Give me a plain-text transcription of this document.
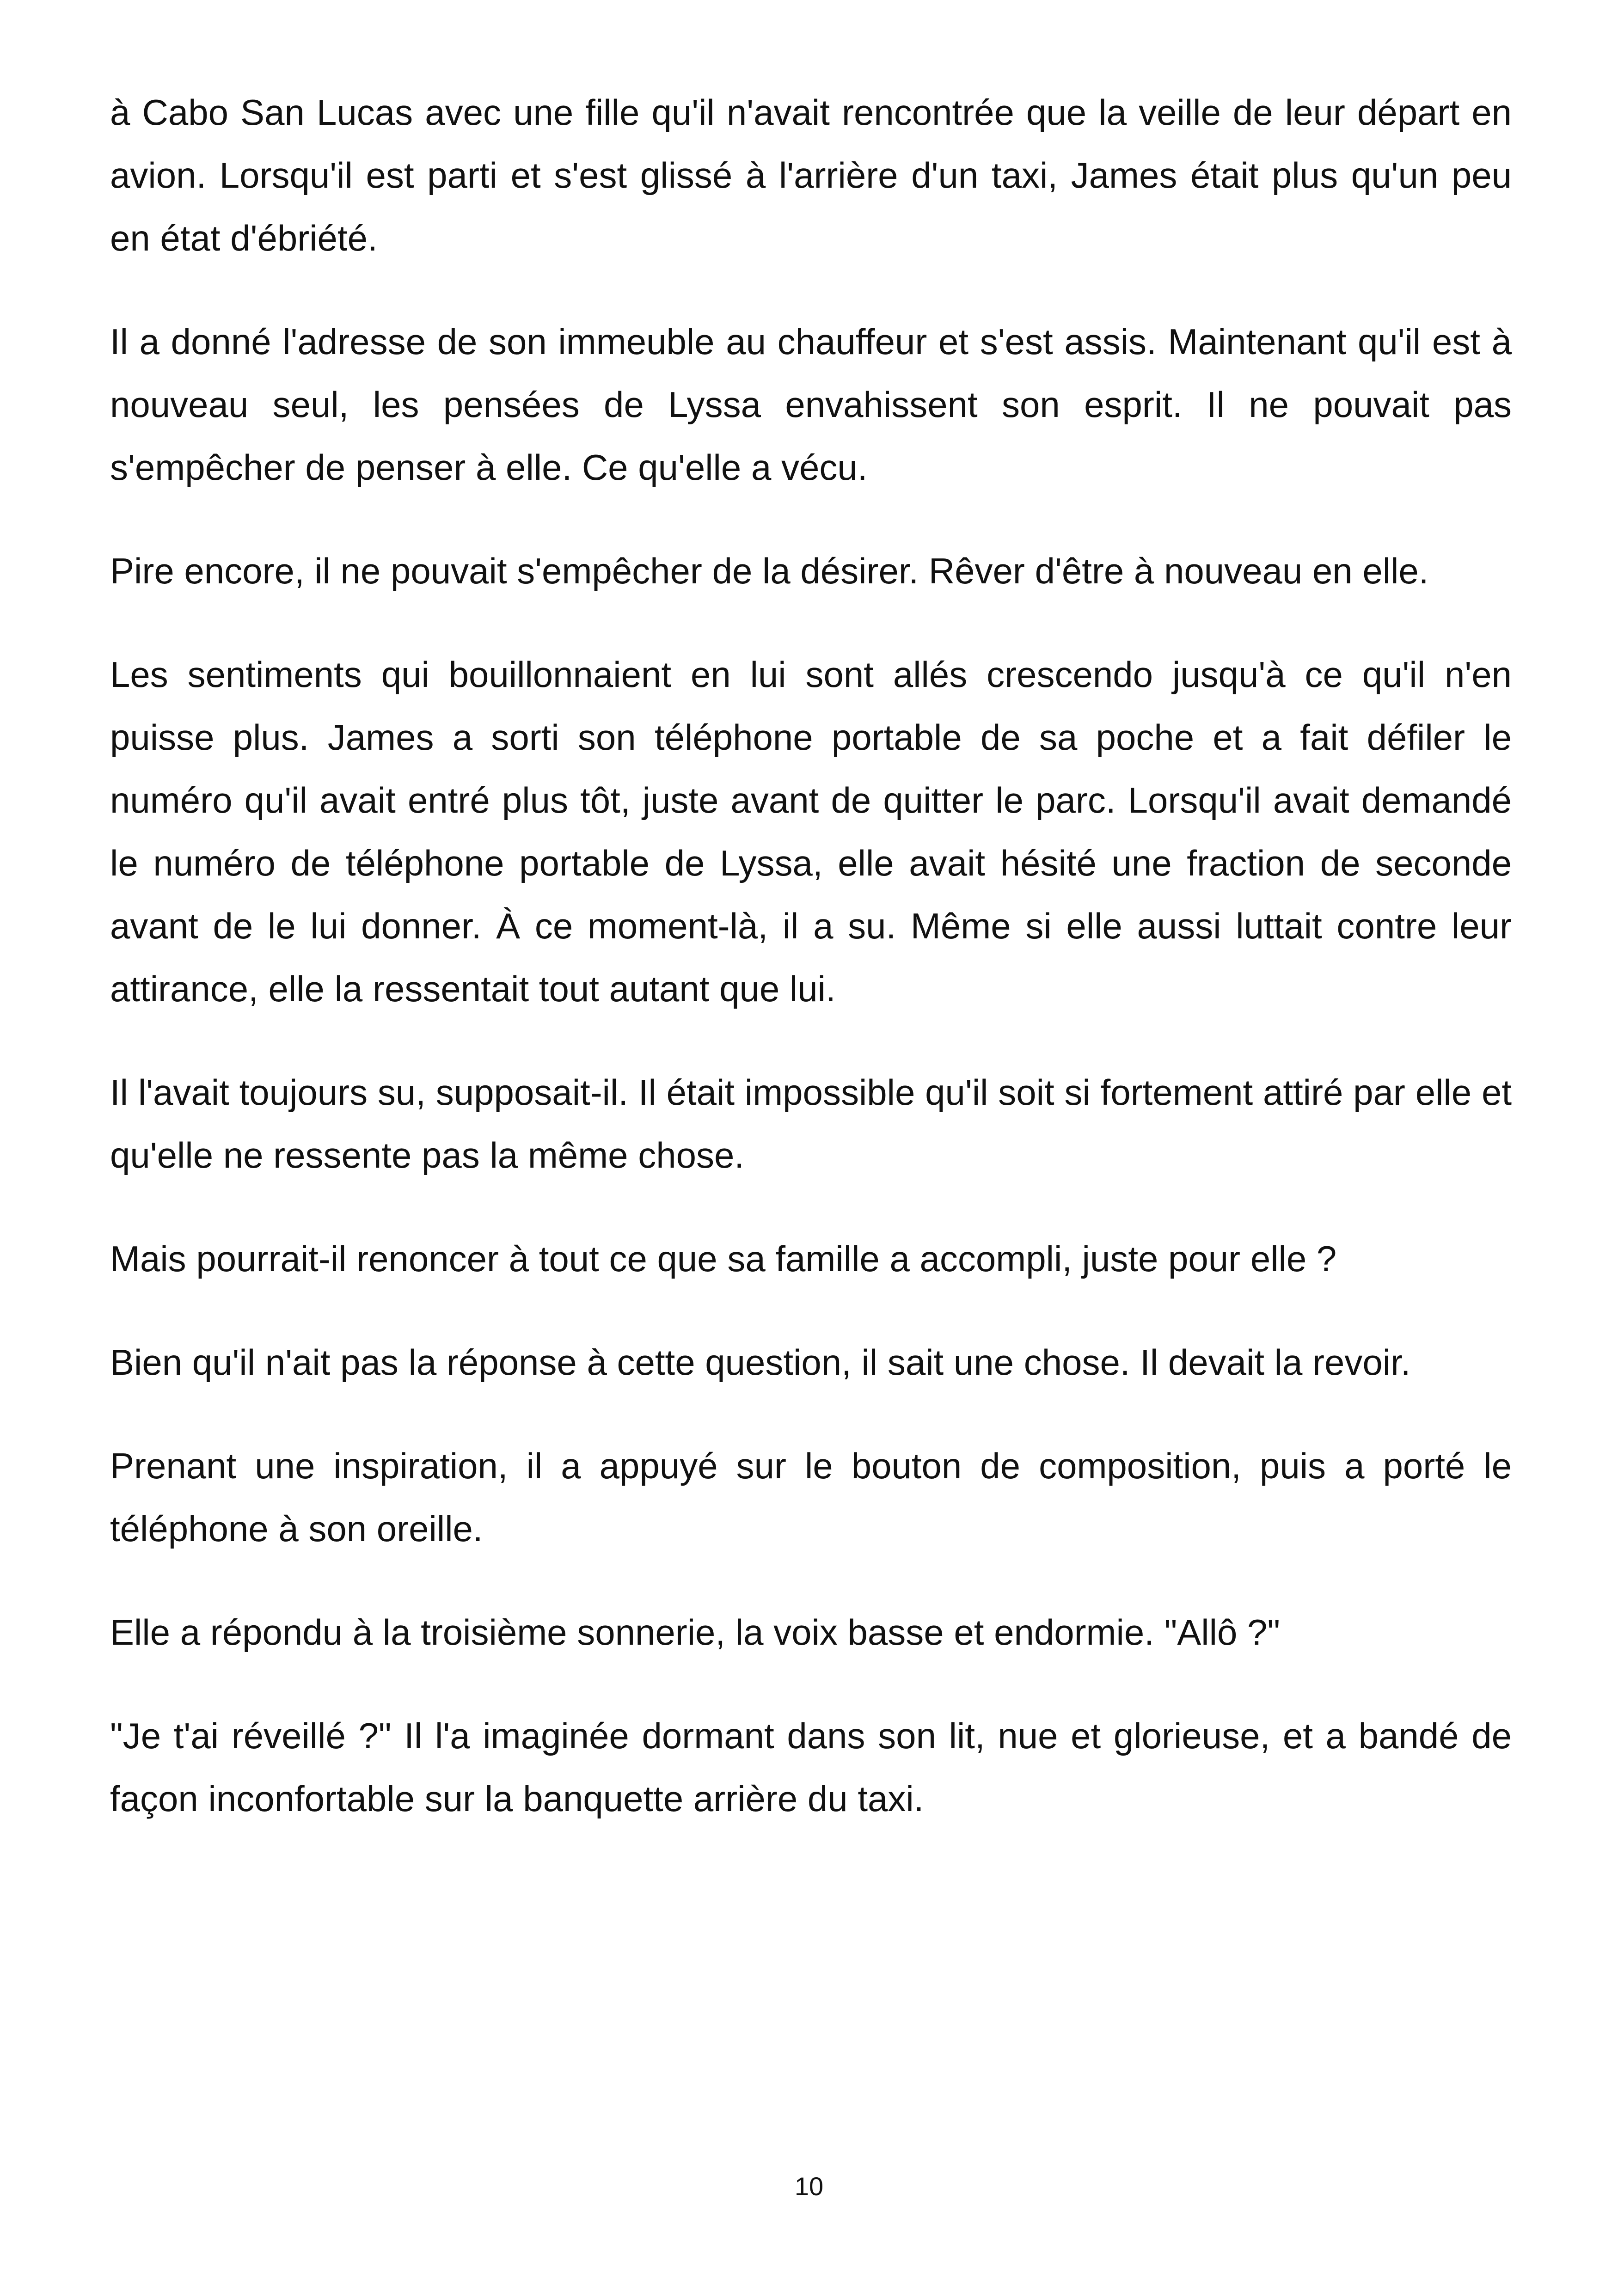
à Cabo San Lucas avec une fille qu'il n'avait rencontrée que la veille de leur départ en avion. Lorsqu'il est parti et s'est glissé à l'arrière d'un taxi, James était plus qu'un peu en état d'ébriété.

Il a donné l'adresse de son immeuble au chauffeur et s'est assis. Maintenant qu'il est à nouveau seul, les pensées de Lyssa envahissent son esprit. Il ne pouvait pas s'empêcher de penser à elle. Ce qu'elle a vécu.

Pire encore, il ne pouvait s'empêcher de la désirer. Rêver d'être à nouveau en elle.

Les sentiments qui bouillonnaient en lui sont allés crescendo jusqu'à ce qu'il n'en puisse plus. James a sorti son téléphone portable de sa poche et a fait défiler le numéro qu'il avait entré plus tôt, juste avant de quitter le parc. Lorsqu'il avait demandé le numéro de téléphone portable de Lyssa, elle avait hésité une fraction de seconde avant de le lui donner. À ce moment-là, il a su. Même si elle aussi luttait contre leur attirance, elle la ressentait tout autant que lui.

Il l'avait toujours su, supposait-il. Il était impossible qu'il soit si fortement attiré par elle et qu'elle ne ressente pas la même chose.

Mais pourrait-il renoncer à tout ce que sa famille a accompli, juste pour elle ?

Bien qu'il n'ait pas la réponse à cette question, il sait une chose. Il devait la revoir.

Prenant une inspiration, il a appuyé sur le bouton de composition, puis a porté le téléphone à son oreille.

Elle a répondu à la troisième sonnerie, la voix basse et endormie. "Allô ?"

"Je t'ai réveillé ?" Il l'a imaginée dormant dans son lit, nue et glorieuse, et a bandé de façon inconfortable sur la banquette arrière du taxi.

10
